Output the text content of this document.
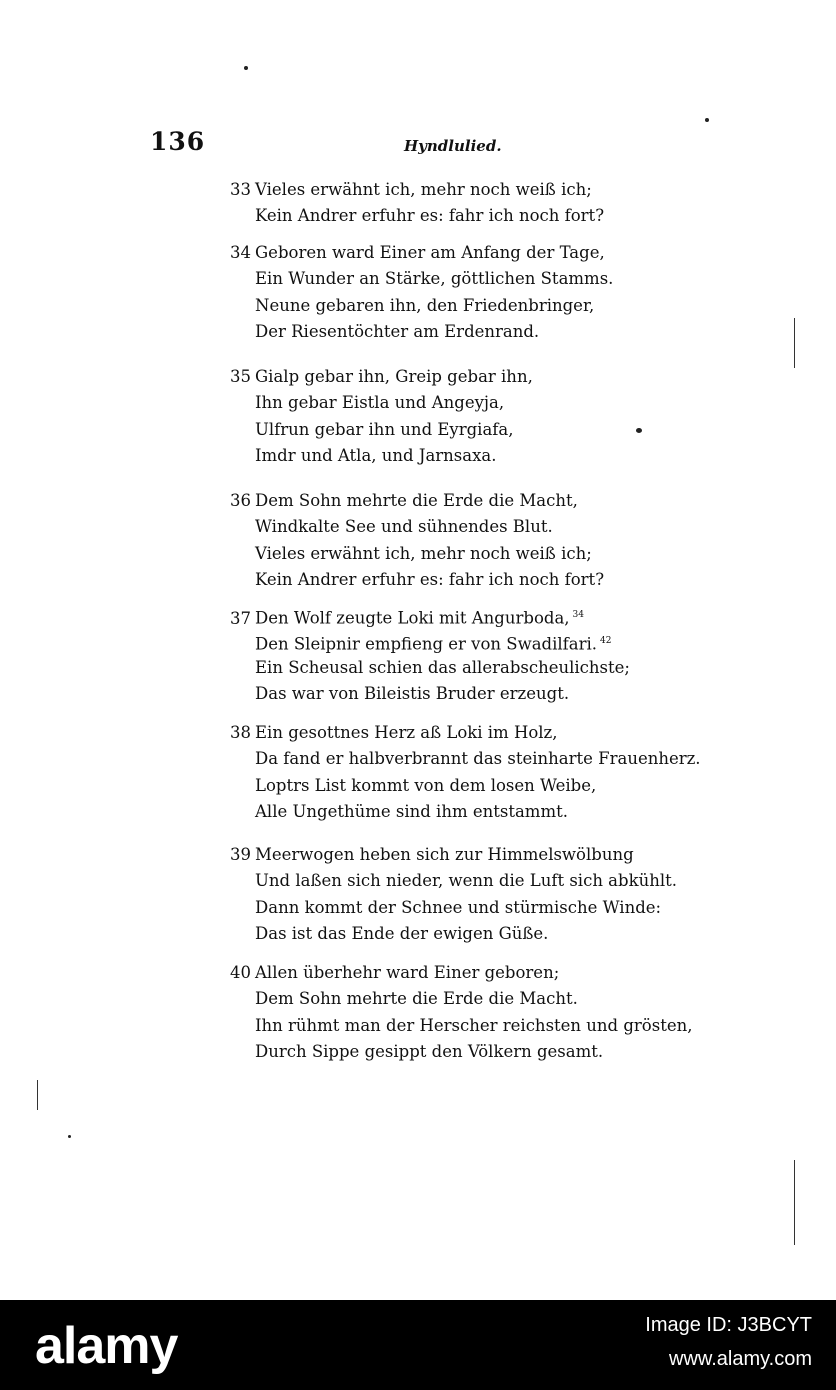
136	Hyndlulied.
33 Vieles erwähnt ich, mehr noch weiß ich;
Kein Andrer erfuhr es: fahr ich noch fort?
34 Geboren ward Einer am Anfang der Tage,
Ein Wunder an Stärke, göttlichen Stamms.
Neune gebaren ihn, den Friedenbringer,
Der Riesentöchter am Erdenrand.
35 Gialp gebar ihn, Greip gebar ihn,
Ihn gebar Eistla und Angeyja,
Ulfrun gebar ihn und Eyrgiafa,
Imdr und Atla, und Jarnsaxa.
36 Dem Sohn mehrte die Erde die Macht,
Windkalte See und sühnendes Blut.
Vieles erwähnt ich, mehr noch weiß ich;
Kein Andrer erfuhr es: fahr ich noch fort?
37 Den Wolf zeugte Loki mit Angurboda, $^{34}$
Den Sleipnir empfieng er von Swadilfari. $^{42}$
Ein Scheusal schien das allerabscheulichste;
Das war von Bileistis Bruder erzeugt.
38 Ein gesottnes Herz aß Loki im Holz,
Da fand er halbverbrannt das steinharte Frauenherz.
Loptrs List kommt von dem losen Weibe,
Alle Ungethüme sind ihm entstammt.
39 Meerwogen heben sich zur Himmelswölbung
Und laßen sich nieder, wenn die Luft sich abkühlt.
Dann kommt der Schnee und stürmische Winde:
Das ist das Ende der ewigen Güße.
40 Allen überhehr ward Einer geboren;
Dem Sohn mehrte die Erde die Macht.
Ihn rühmt man der Herscher reichsten und grösten,
Durch Sippe gesippt den Völkern gesamt.
alamy	Image ID: J3BCYT
www.alamy.com
